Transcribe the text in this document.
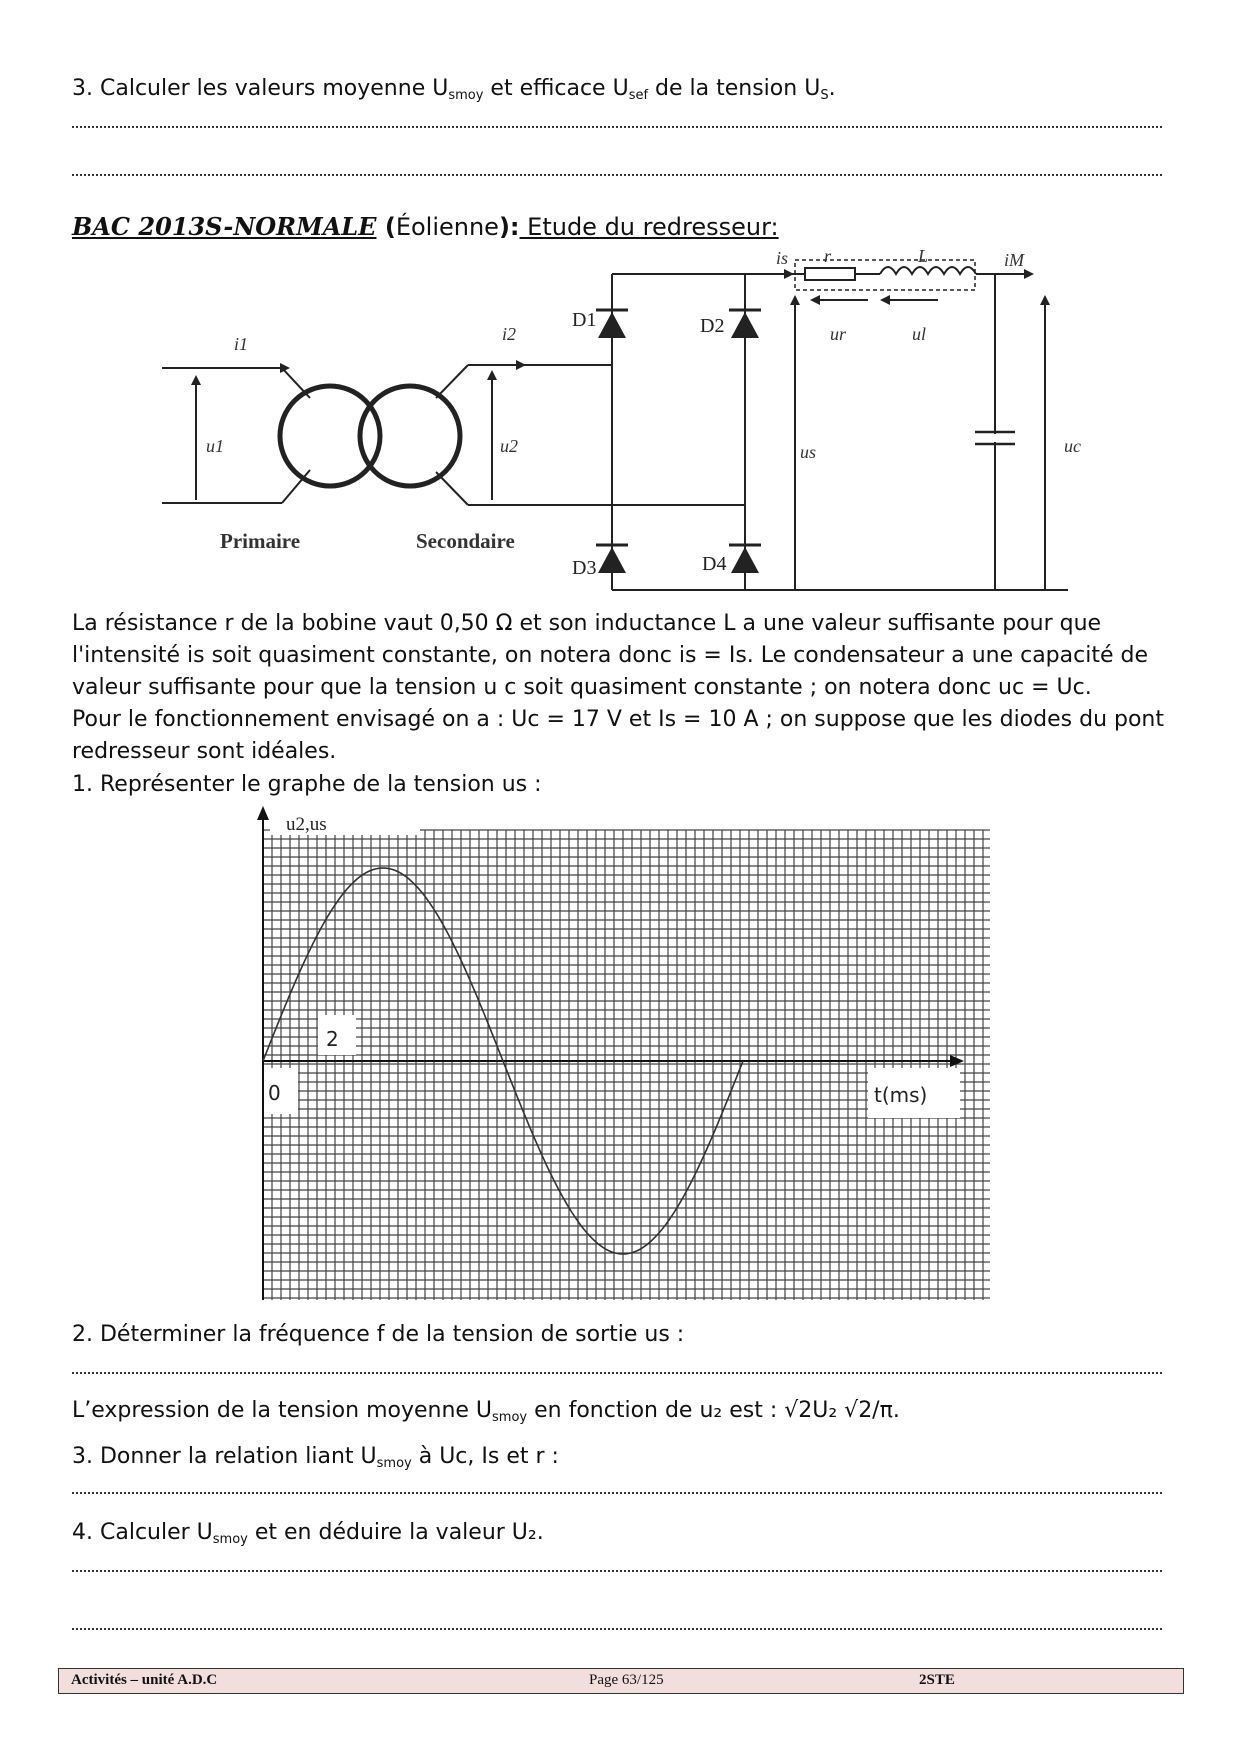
3. Calculer les valeurs moyenne $U_{smoy}$ et efficace $U_{sef}$ de la tension $U_S$.
BAC 2013S-NORMALE (Éolienne): Etude du redresseur:
i1
u1
i2
u2
is r	L	iM
ur	ul
us	uc
D1	D2
D3	D4
Primaire	Secondaire
La résistance r de la bobine vaut 0,50 Ω et son inductance L a une valeur suffisante pour que
l'intensité is soit quasiment constante, on notera donc is = Is. Le condensateur a une capacité de
valeur suffisante pour que la tension u c soit quasiment constante ; on notera donc uc = Uc.
Pour le fonctionnement envisagé on a : Uc = 17 V et Is = 10 A ; on suppose que les diodes du pont
redresseur sont idéales.
1. Représenter le graphe de la tension us :
u2,us
2
0	t(ms)
2. Déterminer la fréquence f de la tension de sortie us :
L’expression de la tension moyenne $U_{smoy}$ en fonction de u₂ est : √2U₂ √2/π.
3. Donner la relation liant $U_{smoy}$ à Uc, Is et r :
4. Calculer $U_{smoy}$ et en déduire la valeur U₂.
Activités – unité A.D.C	Page 63/125	2STE
